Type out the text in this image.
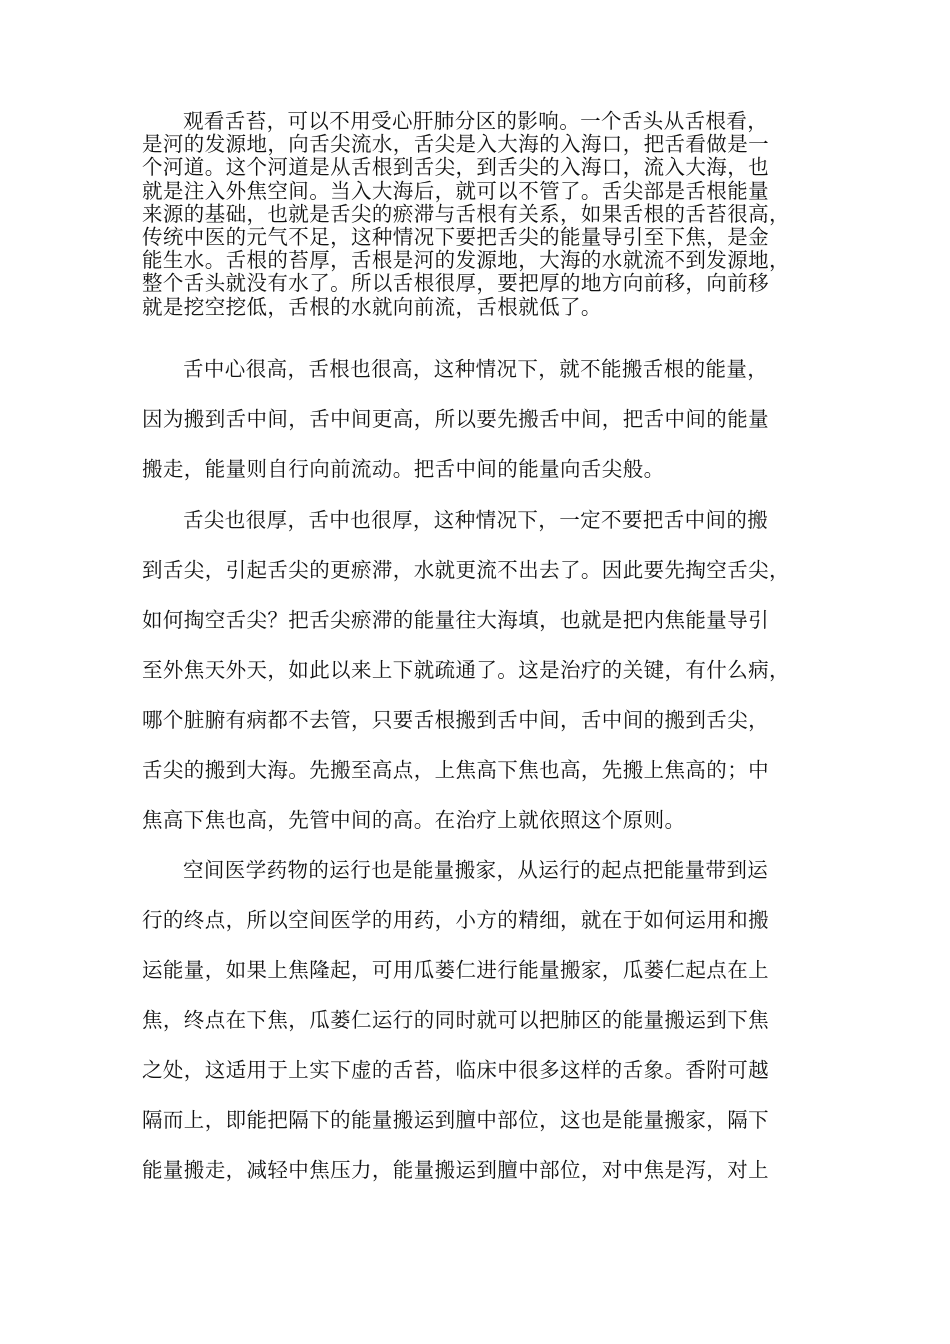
观看舌苔，可以不用受心肝肺分区的影响。一个舌头从舌根看，
是河的发源地，向舌尖流水，舌尖是入大海的入海口，把舌看做是一
个河道。这个河道是从舌根到舌尖，到舌尖的入海口，流入大海，也
就是注入外焦空间。当入大海后，就可以不管了。舌尖部是舌根能量
来源的基础，也就是舌尖的瘀滞与舌根有关系，如果舌根的舌苔很高，
传统中医的元气不足，这种情况下要把舌尖的能量导引至下焦，是金
能生水。舌根的苔厚，舌根是河的发源地，大海的水就流不到发源地，
整个舌头就没有水了。所以舌根很厚，要把厚的地方向前移，向前移
就是挖空挖低，舌根的水就向前流，舌根就低了。
舌中心很高，舌根也很高，这种情况下，就不能搬舌根的能量，
因为搬到舌中间，舌中间更高，所以要先搬舌中间，把舌中间的能量
搬走，能量则自行向前流动。把舌中间的能量向舌尖般。
舌尖也很厚，舌中也很厚，这种情况下，一定不要把舌中间的搬
到舌尖，引起舌尖的更瘀滞，水就更流不出去了。因此要先掏空舌尖，
如何掏空舌尖？把舌尖瘀滞的能量往大海填，也就是把内焦能量导引
至外焦天外天，如此以来上下就疏通了。这是治疗的关键，有什么病，
哪个脏腑有病都不去管，只要舌根搬到舌中间，舌中间的搬到舌尖，
舌尖的搬到大海。先搬至高点，上焦高下焦也高，先搬上焦高的；中
焦高下焦也高，先管中间的高。在治疗上就依照这个原则。
空间医学药物的运行也是能量搬家，从运行的起点把能量带到运
行的终点，所以空间医学的用药，小方的精细，就在于如何运用和搬
运能量，如果上焦隆起，可用瓜蒌仁进行能量搬家，瓜蒌仁起点在上
焦，终点在下焦，瓜蒌仁运行的同时就可以把肺区的能量搬运到下焦
之处，这适用于上实下虚的舌苔，临床中很多这样的舌象。香附可越
隔而上，即能把隔下的能量搬运到膻中部位，这也是能量搬家，隔下
能量搬走，减轻中焦压力，能量搬运到膻中部位，对中焦是泻，对上
